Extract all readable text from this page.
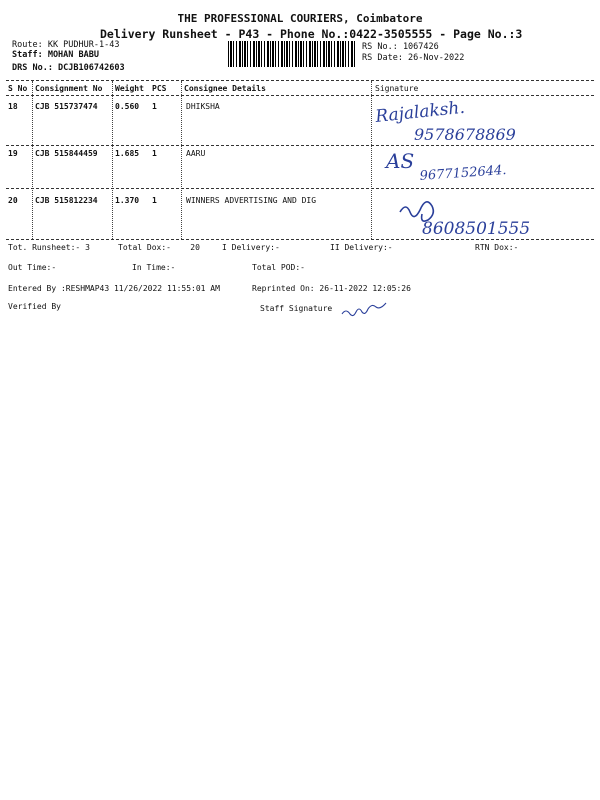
THE PROFESSIONAL COURIERS, Coimbatore
Delivery Runsheet - P43 - Phone No.:0422-3505555 - Page No.:3
Route: KK PUDHUR-1-43
Staff: MOHAN BABU
DRS No.: DCJB106742603
RS No.: 1067426
RS Date: 26-Nov-2022
S No Consignment No Weight PCS Consignee Details	Signature
18 CJB 515737474 0.560 1	DHIKSHA	Rajalaksh.
9578678869
19 CJB 515844459 1.685 1	AARU	AS
9677152644.
20 CJB 515812234 1.370 1	WINNERS ADVERTISING AND DIG
8608501555
Tot. Runsheet:- 3	Total Dox:-    20	I Delivery:-	II Delivery:-	RTN Dox:-
Out Time:-	In Time:-	Total POD:-
Entered By :RESHMAP43 11/26/2022 11:55:01 AM	Reprinted On: 26-11-2022 12:05:26
Verified By	Staff Signature
